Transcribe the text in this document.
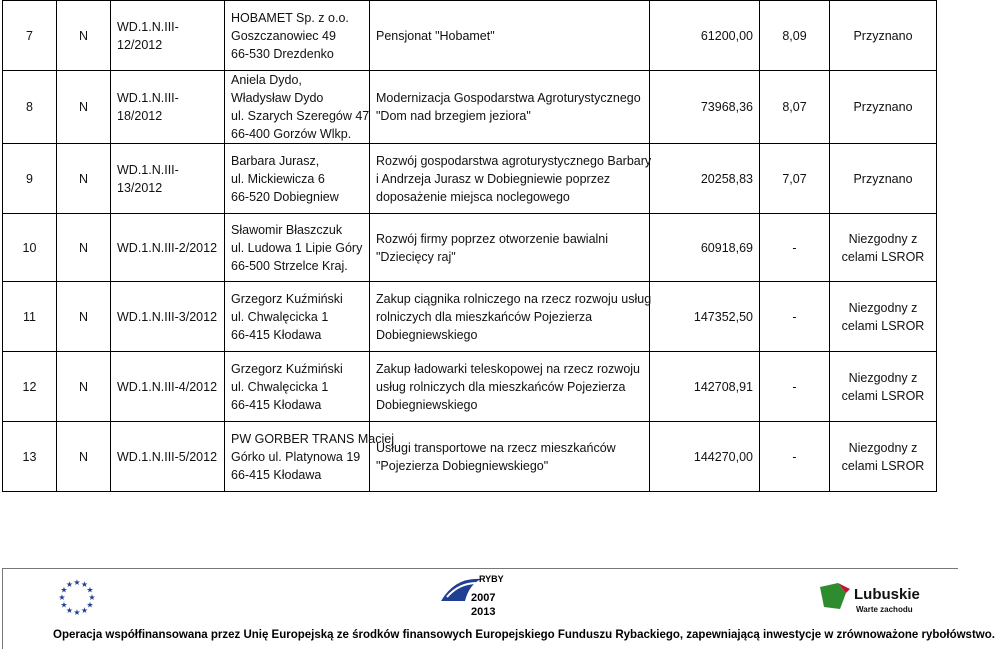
7	N	WD.1.N.III-12/2012	HOBAMET Sp. z o.o.
Goszczanowiec 49
66-530 Drezdenko	Pensjonat "Hobamet"	61200,00	8,09	Przyznano

8	N	WD.1.N.III-18/2012	Aniela Dydo,
Władysław Dydo
ul. Szarych Szeregów 47
66-400 Gorzów Wlkp.	Modernizacja Gospodarstwa Agroturystycznego
"Dom nad brzegiem jeziora"	73968,36	8,07	Przyznano

9	N	WD.1.N.III-13/2012	Barbara Jurasz,
ul. Mickiewicza 6
66-520 Dobiegniew	Rozwój gospodarstwa agroturystycznego Barbary
i Andrzeja Jurasz w Dobiegniewie poprzez
doposażenie miejsca noclegowego	20258,83	7,07	Przyznano

10	N	WD.1.N.III-2/2012	Sławomir Błaszczuk
ul. Ludowa 1 Lipie Góry
66-500 Strzelce Kraj.	Rozwój firmy poprzez otworzenie bawialni
"Dziecięcy raj"	60918,69	-	Niezgodny z
celami LSROR

11	N	WD.1.N.III-3/2012	Grzegorz Kuźmiński
ul. Chwalęcicka 1
66-415 Kłodawa	Zakup ciągnika rolniczego na rzecz rozwoju usług
rolniczych dla mieszkańców Pojezierza
Dobiegniewskiego	147352,50	-	Niezgodny z
celami LSROR

12	N	WD.1.N.III-4/2012	Grzegorz Kuźmiński
ul. Chwalęcicka 1
66-415 Kłodawa	Zakup ładowarki teleskopowej na rzecz rozwoju
usług rolniczych dla mieszkańców Pojezierza
Dobiegniewskiego	142708,91	-	Niezgodny z
celami LSROR

13	N	WD.1.N.III-5/2012	PW GORBER TRANS Maciej
Górko ul. Platynowa 19
66-415 Kłodawa	Usługi transportowe na rzecz mieszkańców
"Pojezierza Dobiegniewskiego"	144270,00	-	Niezgodny z
celami LSROR
★
★
★
★
★
★
★
★
★ ★ ★
★
RYBY
2007
2013
Lubuskie
Warte zachodu
Operacja współfinansowana przez Unię Europejską ze środków finansowych Europejskiego Funduszu Rybackiego, zapewniającą inwestycje w zrównoważone rybołówstwo.
